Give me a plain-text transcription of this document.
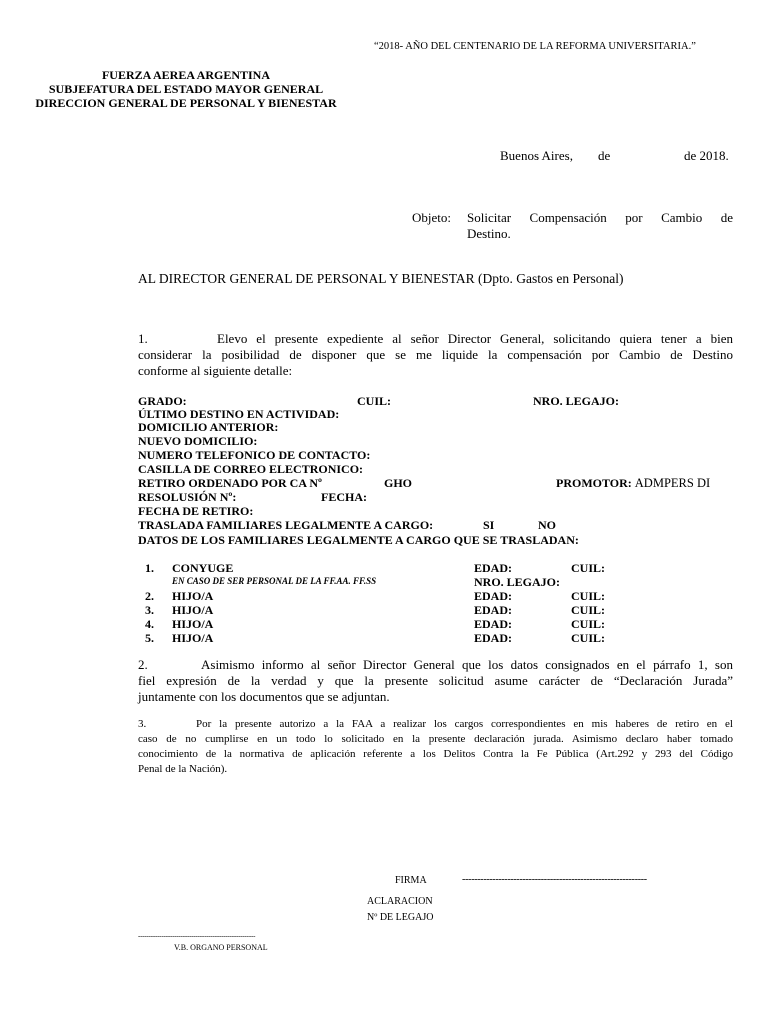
“2018- AÑO DEL CENTENARIO DE LA REFORMA UNIVERSITARIA.”
FUERZA AEREA ARGENTINA
SUBJEFATURA DEL ESTADO MAYOR GENERAL
DIRECCION GENERAL DE PERSONAL Y BIENESTAR
Buenos Aires, de	de 2018.
Objeto: Solicitar Compensación por Cambio de
Destino.
AL DIRECTOR GENERAL DE PERSONAL Y BIENESTAR (Dpto. Gastos en Personal)
1.	Elevo el presente expediente al señor Director General, solicitando quiera tener a bien
considerar la posibilidad de disponer que se me liquide la compensación por Cambio de Destino
conforme al siguiente detalle:
GRADO:	CUIL:	NRO. LEGAJO:
ÚLTIMO DESTINO EN ACTIVIDAD:
DOMICILIO ANTERIOR:
NUEVO DOMICILIO:
NUMERO TELEFONICO DE CONTACTO:
CASILLA DE CORREO ELECTRONICO:
RETIRO ORDENADO POR CA Nº	GHO	PROMOTOR: ADMPERS DI
RESOLUSIÓN Nº:	FECHA:
FECHA DE RETIRO:
TRASLADA FAMILIARES LEGALMENTE A CARGO:	SI	NO
DATOS DE LOS FAMILIARES LEGALMENTE A CARGO QUE SE TRASLADAN:
1. CONYUGE	EDAD:	CUIL:
EN CASO DE SER PERSONAL DE LA FF.AA. FF.SS	NRO. LEGAJO:
2. HIJO/A	EDAD:	CUIL:
3. HIJO/A	EDAD:	CUIL:
4. HIJO/A	EDAD:	CUIL:
5. HIJO/A	EDAD:	CUIL:
2.	Asimismo informo al señor Director General que los datos consignados en el párrafo 1, son
fiel expresión de la verdad y que la presente solicitud asume carácter de “Declaración Jurada”
juntamente con los documentos que se adjuntan.
3.	Por la presente autorizo a la FAA a realizar los cargos correspondientes en mis haberes de retiro en el
caso de no cumplirse en un todo lo solicitado en la presente declaración jurada. Asimismo declaro haber tomado
conocimiento de la normativa de aplicación referente a los Delitos Contra la Fe Pública (Art.292 y 293 del Código
Penal de la Nación).
FIRMA	-------------------------------------------------------------
ACLARACION
Nº DE LEGAJO
-------------------------------------------------------
V.B. ORGANO PERSONAL
